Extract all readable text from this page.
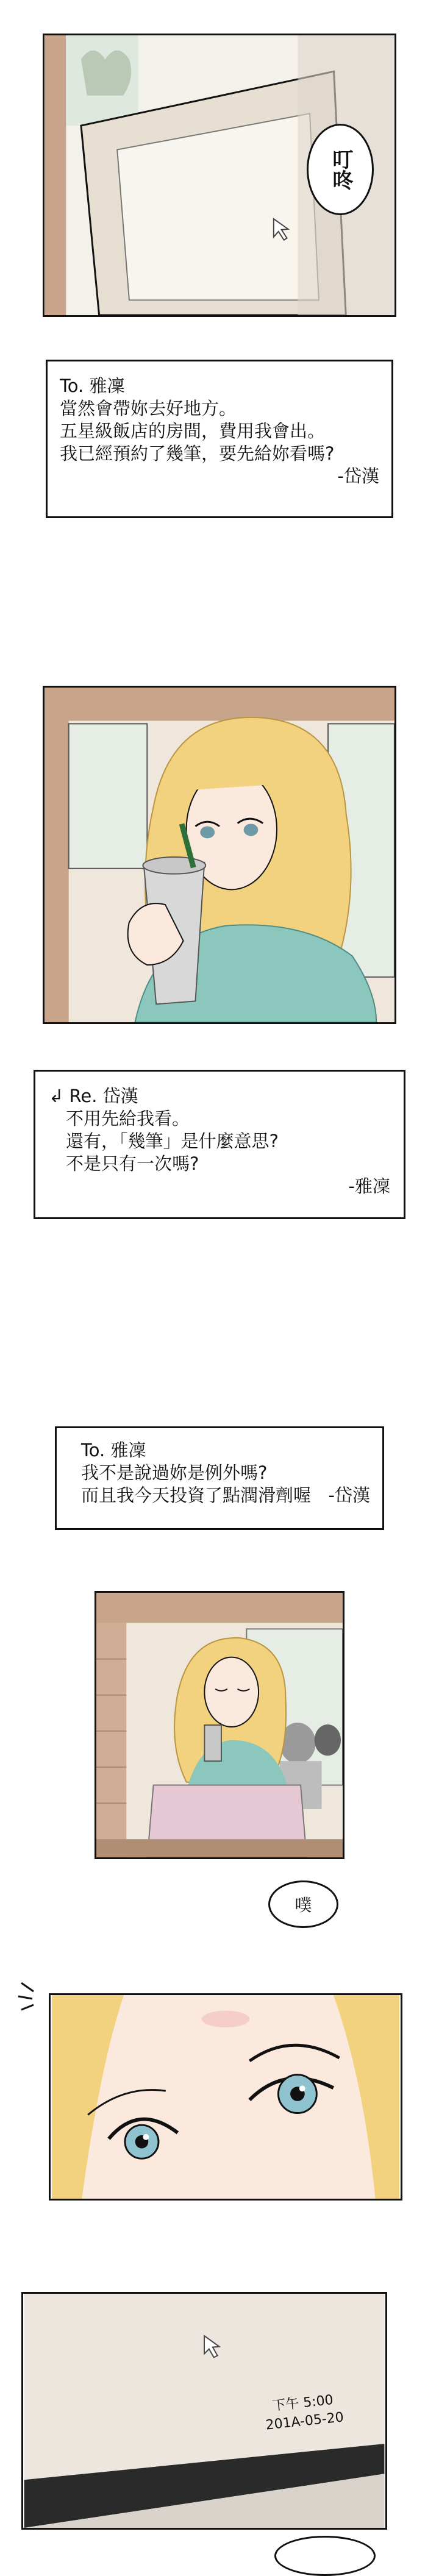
叮咚
To. 雅凜
當然會帶妳去好地方。
五星級飯店的房間，費用我會出。
我已經預約了幾筆，要先給妳看嗎?
-岱漢
↲ Re. 岱漢
不用先給我看。
還有，「幾筆」是什麼意思?
不是只有一次嗎?
-雅凜
To. 雅凜
我不是說過妳是例外嗎?
而且我今天投資了點潤滑劑喔 -岱漢
噗
下午 5:00
201A-05-20
